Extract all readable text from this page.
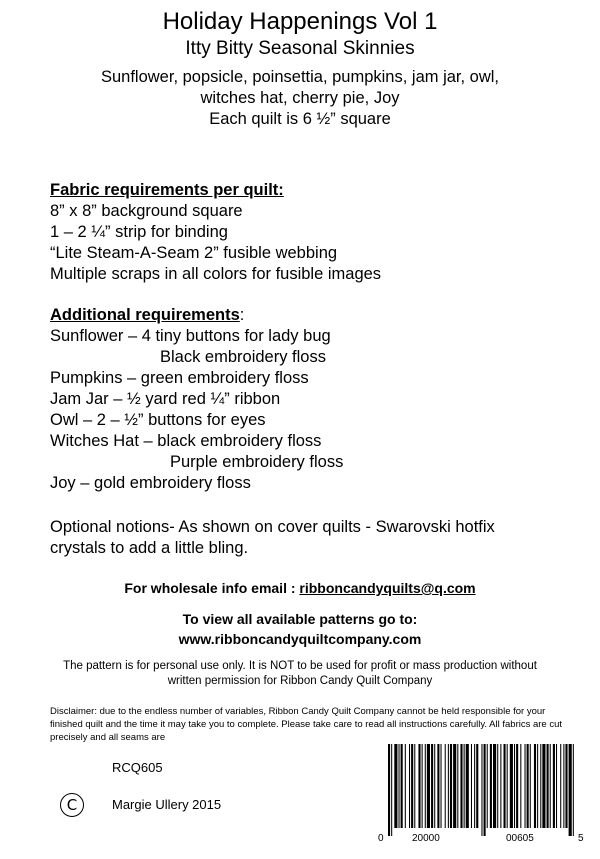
Holiday Happenings Vol 1

Itty Bitty Seasonal Skinnies

Sunflower, popsicle, poinsettia, pumpkins, jam jar, owl,
witches hat, cherry pie, Joy
Each quilt is 6 ½” square
Fabric requirements per quilt:
8” x 8” background square
1 – 2 ¼” strip for binding
“Lite Steam-A-Seam 2” fusible webbing
Multiple scraps in all colors for fusible images
Additional requirements:
Sunflower – 4 tiny buttons for lady bug
Black embroidery floss
Pumpkins – green embroidery floss
Jam Jar – ½ yard red ¼” ribbon
Owl – 2 – ½” buttons for eyes
Witches Hat – black embroidery floss
Purple embroidery floss
Joy – gold embroidery floss
Optional notions- As shown on cover quilts - Swarovski hotfix
crystals to add a little bling.
For wholesale info email : ribboncandyquilts@q.com
To view all available patterns go to:
www.ribboncandyquiltcompany.com
The pattern is for personal use only. It is NOT to be used for profit or mass production without
written permission for Ribbon Candy Quilt Company

Disclaimer: due to the endless number of variables, Ribbon Candy Quilt Company cannot be held responsible for your finished quilt and the time it may take you to complete. Please take care to read all instructions carefully. All fabrics are cut precisely and all seams are

RCQ605

C	Margie Ullery 2015

0	20000	00605	5
